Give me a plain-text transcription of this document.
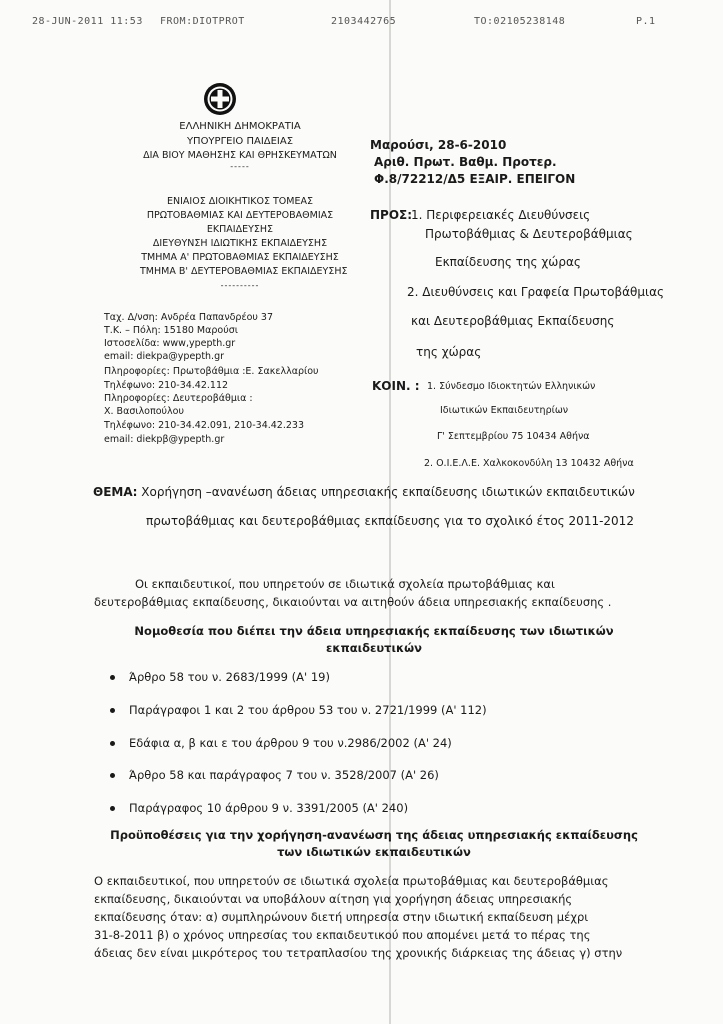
28-JUN-2011 11:53 FROM:DIOTPROT	2103442765	TO:02105238148	P.1
ΕΛΛΗΝΙΚΗ ΔΗΜΟΚΡΑΤΙΑ
ΥΠΟΥΡΓΕΙΟ ΠΑΙΔΕΙΑΣ
ΔΙΑ ΒΙΟΥ ΜΑΘΗΣΗΣ ΚΑΙ ΘΡΗΣΚΕΥΜΑΤΩΝ
-----
ΕΝΙΑΙΟΣ ΔΙΟΙΚΗΤΙΚΟΣ ΤΟΜΕΑΣ
ΠΡΩΤΟΒΑΘΜΙΑΣ ΚΑΙ ΔΕΥΤΕΡΟΒΑΘΜΙΑΣ
ΕΚΠΑΙΔΕΥΣΗΣ
ΔΙΕΥΘΥΝΣΗ ΙΔΙΩΤΙΚΗΣ ΕΚΠΑΙΔΕΥΣΗΣ
ΤΜΗΜΑ Α' ΠΡΩΤΟΒΑΘΜΙΑΣ ΕΚΠΑΙΔΕΥΣΗΣ
ΤΜΗΜΑ Β' ΔΕΥΤΕΡΟΒΑΘΜΙΑΣ ΕΚΠΑΙΔΕΥΣΗΣ
----------
Ταχ. Δ/νση: Ανδρέα Παπανδρέου 37
Τ.Κ. – Πόλη: 15180 Μαρούσι
Ιστοσελίδα: www,ypepth.gr
email: diekpa@ypepth.gr
Πληροφορίες: Πρωτοβάθμια :Ε. Σακελλαρίου
Τηλέφωνο: 210-34.42.112
Πληροφορίες: Δευτεροβάθμια :
Χ. Βασιλοπούλου
Τηλέφωνο: 210-34.42.091, 210-34.42.233
email: diekpβ@ypepth.gr
Μαρούσι, 28-6-2010
Αριθ. Πρωτ. Βαθμ. Προτερ.
Φ.8/72212/Δ5 ΕΞΑΙΡ. ΕΠΕΙΓΟΝ
ΠΡΟΣ:
1. Περιφερειακές Διευθύνσεις
Πρωτοβάθμιας & Δευτεροβάθμιας
Εκπαίδευσης της χώρας
2. Διευθύνσεις και Γραφεία Πρωτοβάθμιας
και Δευτεροβάθμιας Εκπαίδευσης
της χώρας
ΚΟΙΝ. : 1. Σύνδεσμο Ιδιοκτητών Ελληνικών
Ιδιωτικών Εκπαιδευτηρίων
Γ' Σεπτεμβρίου 75 10434 Αθήνα
2. Ο.Ι.Ε.Λ.Ε. Χαλκοκονδύλη 13 10432 Αθήνα
ΘΕΜΑ: Χορήγηση –ανανέωση άδειας υπηρεσιακής εκπαίδευσης ιδιωτικών εκπαιδευτικών
πρωτοβάθμιας και δευτεροβάθμιας εκπαίδευσης για το σχολικό έτος 2011-2012
Οι εκπαιδευτικοί, που υπηρετούν σε ιδιωτικά σχολεία πρωτοβάθμιας και
δευτεροβάθμιας εκπαίδευσης, δικαιούνται να αιτηθούν άδεια υπηρεσιακής εκπαίδευσης .
Νομοθεσία που διέπει την άδεια υπηρεσιακής εκπαίδευσης των ιδιωτικών
εκπαιδευτικών
Άρθρο 58 του ν. 2683/1999 (Α' 19)
Παράγραφοι 1 και 2 του άρθρου 53 του ν. 2721/1999 (Α' 112)
Εδάφια α, β και ε του άρθρου 9 του ν.2986/2002 (Α' 24)
Άρθρο 58 και παράγραφος 7 του ν. 3528/2007 (Α' 26)
Παράγραφος 10 άρθρου 9 ν. 3391/2005 (Α' 240)
Προϋποθέσεις για την χορήγηση-ανανέωση της άδειας υπηρεσιακής εκπαίδευσης
των ιδιωτικών εκπαιδευτικών
Ο εκπαιδευτικοί, που υπηρετούν σε ιδιωτικά σχολεία πρωτοβάθμιας και δευτεροβάθμιας
εκπαίδευσης, δικαιούνται να υποβάλουν αίτηση για χορήγηση άδειας υπηρεσιακής
εκπαίδευσης όταν: α) συμπληρώνουν διετή υπηρεσία στην ιδιωτική εκπαίδευση μέχρι
31-8-2011 β) ο χρόνος υπηρεσίας του εκπαιδευτικού που απομένει μετά το πέρας της
άδειας δεν είναι μικρότερος του τετραπλασίου της χρονικής διάρκειας της άδειας γ) στην
